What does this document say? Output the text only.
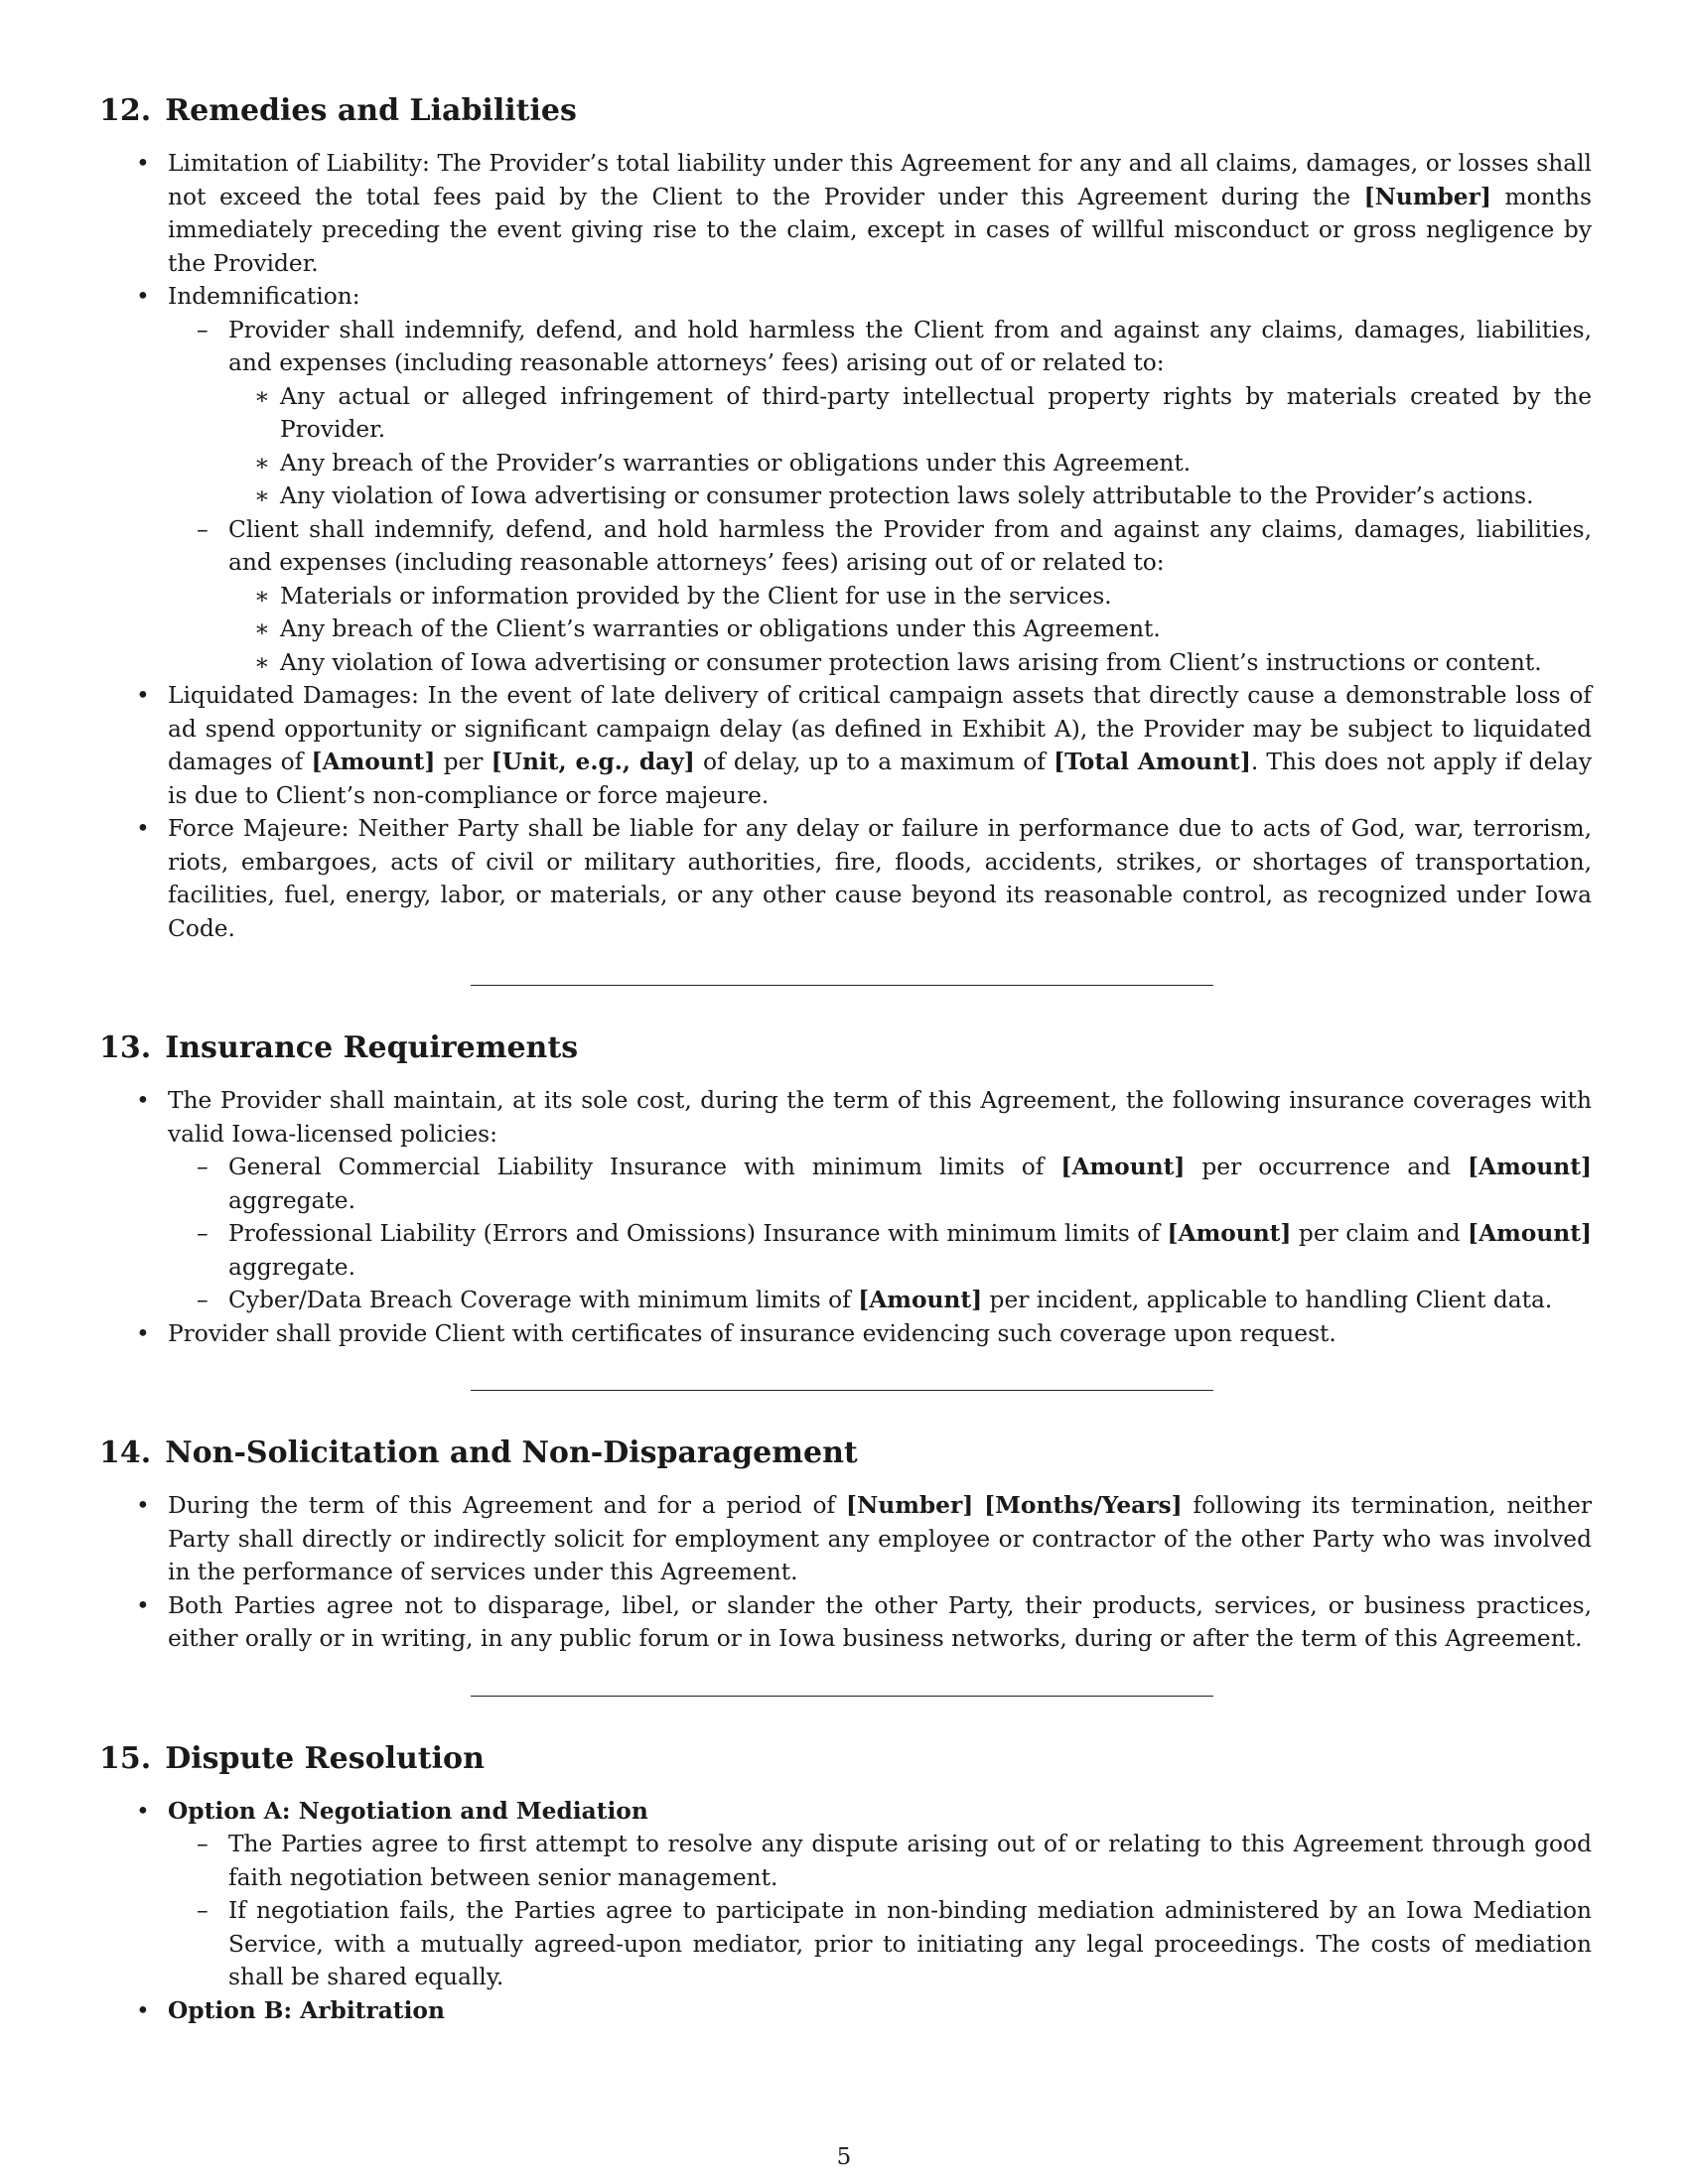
12. Remedies and Liabilities
• Limitation of Liability: The Provider’s total liability under this Agreement for any and all claims, damages, or losses shall not exceed the total fees paid by the Client to the Provider under this Agreement during the [Number] months immediately preceding the event giving rise to the claim, except in cases of willful misconduct or gross negligence by the Provider.
• Indemnification:
– Provider shall indemnify, defend, and hold harmless the Client from and against any claims, damages, liabilities, and expenses (including reasonable attorneys’ fees) arising out of or related to:
∗ Any actual or alleged infringement of third-party intellectual property rights by materials created by the Provider.
∗ Any breach of the Provider’s warranties or obligations under this Agreement.
∗ Any violation of Iowa advertising or consumer protection laws solely attributable to the Provider’s actions.
– Client shall indemnify, defend, and hold harmless the Provider from and against any claims, damages, liabilities, and expenses (including reasonable attorneys’ fees) arising out of or related to:
∗ Materials or information provided by the Client for use in the services.
∗ Any breach of the Client’s warranties or obligations under this Agreement.
∗ Any violation of Iowa advertising or consumer protection laws arising from Client’s instructions or content.
• Liquidated Damages: In the event of late delivery of critical campaign assets that directly cause a demonstrable loss of ad spend opportunity or significant campaign delay (as defined in Exhibit A), the Provider may be subject to liquidated damages of [Amount] per [Unit, e.g., day] of delay, up to a maximum of [Total Amount]. This does not apply if delay is due to Client’s non-compliance or force majeure.
• Force Majeure: Neither Party shall be liable for any delay or failure in performance due to acts of God, war, terrorism, riots, embargoes, acts of civil or military authorities, fire, floods, accidents, strikes, or shortages of transportation, facilities, fuel, energy, labor, or materials, or any other cause beyond its reasonable control, as recognized under Iowa Code.
13. Insurance Requirements
• The Provider shall maintain, at its sole cost, during the term of this Agreement, the following insurance coverages with valid Iowa-licensed policies:
– General Commercial Liability Insurance with minimum limits of [Amount] per occurrence and [Amount] aggregate.
– Professional Liability (Errors and Omissions) Insurance with minimum limits of [Amount] per claim and [Amount] aggregate.
– Cyber/Data Breach Coverage with minimum limits of [Amount] per incident, applicable to handling Client data.
• Provider shall provide Client with certificates of insurance evidencing such coverage upon request.
14. Non-Solicitation and Non-Disparagement
• During the term of this Agreement and for a period of [Number] [Months/Years] following its termination, neither Party shall directly or indirectly solicit for employment any employee or contractor of the other Party who was involved in the performance of services under this Agreement.
• Both Parties agree not to disparage, libel, or slander the other Party, their products, services, or business practices, either orally or in writing, in any public forum or in Iowa business networks, during or after the term of this Agreement.
15. Dispute Resolution
• Option A: Negotiation and Mediation
– The Parties agree to first attempt to resolve any dispute arising out of or relating to this Agreement through good faith negotiation between senior management.
– If negotiation fails, the Parties agree to participate in non-binding mediation administered by an Iowa Mediation Service, with a mutually agreed-upon mediator, prior to initiating any legal proceedings. The costs of mediation shall be shared equally.
• Option B: Arbitration
5
